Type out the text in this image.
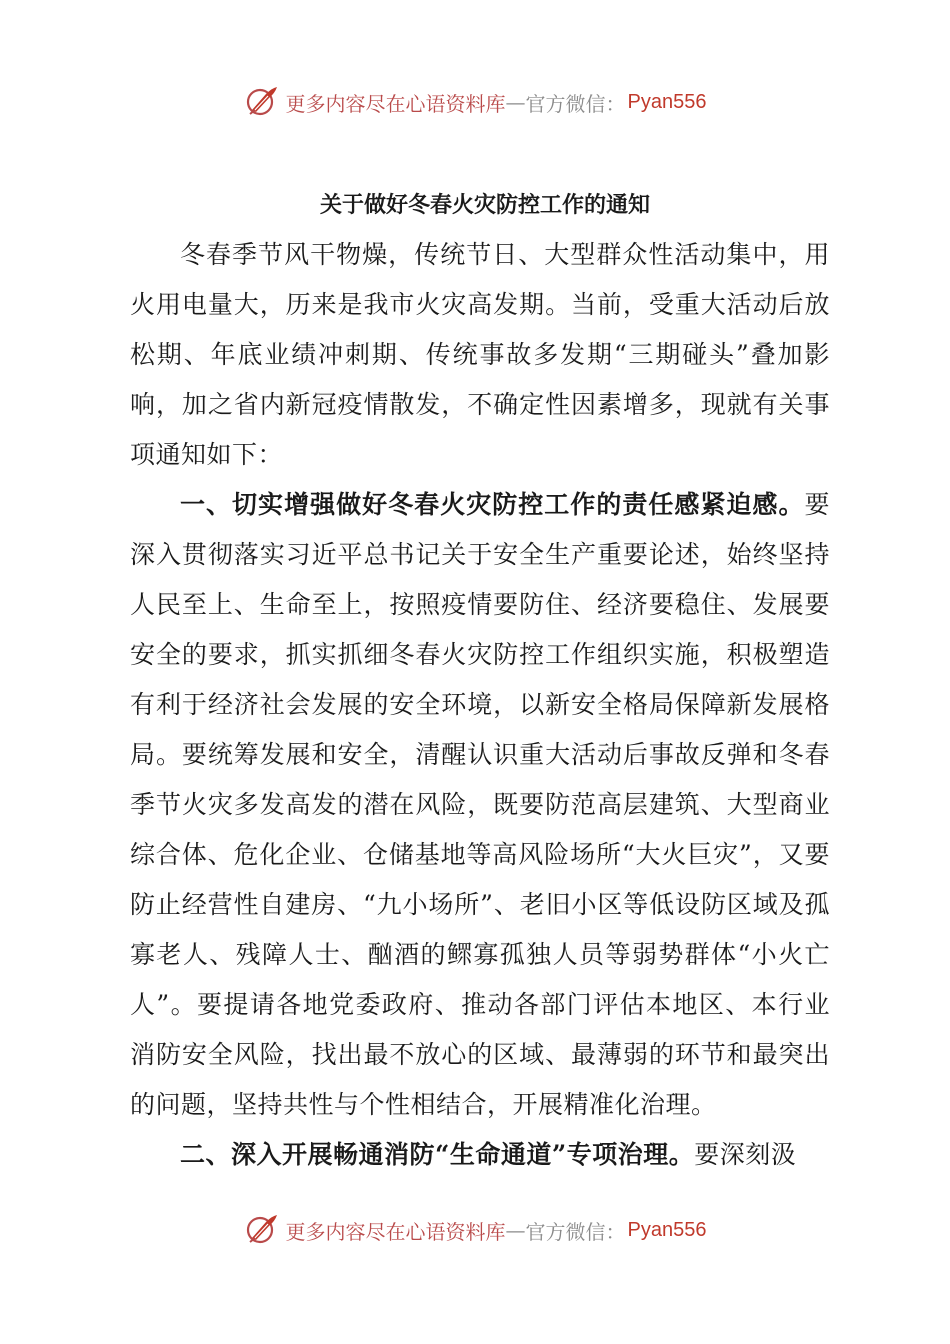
更多内容尽在心语资料库 — 官方微信： Pyan556
关于做好冬春火灾防控工作的通知

冬春季节风干物燥，传统节日、大型群众性活动集中，用火用电量大，历来是我市火灾高发期。当前，受重大活动后放松期、年底业绩冲刺期、传统事故多发期“三期碰头”叠加影响，加之省内新冠疫情散发，不确定性因素增多，现就有关事项通知如下：

一、切实增强做好冬春火灾防控工作的责任感紧迫感。要深入贯彻落实习近平总书记关于安全生产重要论述，始终坚持人民至上、生命至上，按照疫情要防住、经济要稳住、发展要安全的要求，抓实抓细冬春火灾防控工作组织实施，积极塑造有利于经济社会发展的安全环境，以新安全格局保障新发展格局。要统筹发展和安全，清醒认识重大活动后事故反弹和冬春季节火灾多发高发的潜在风险，既要防范高层建筑、大型商业综合体、危化企业、仓储基地等高风险场所“大火巨灾”，又要防止经营性自建房、“九小场所”、老旧小区等低设防区域及孤寡老人、残障人士、酗酒的鳏寡孤独人员等弱势群体“小火亡人”。要提请各地党委政府、推动各部门评估本地区、本行业消防安全风险，找出最不放心的区域、最薄弱的环节和最突出的问题，坚持共性与个性相结合，开展精准化治理。

二、深入开展畅通消防“生命通道”专项治理。要深刻汲

更多内容尽在心语资料库 — 官方微信： Pyan556
